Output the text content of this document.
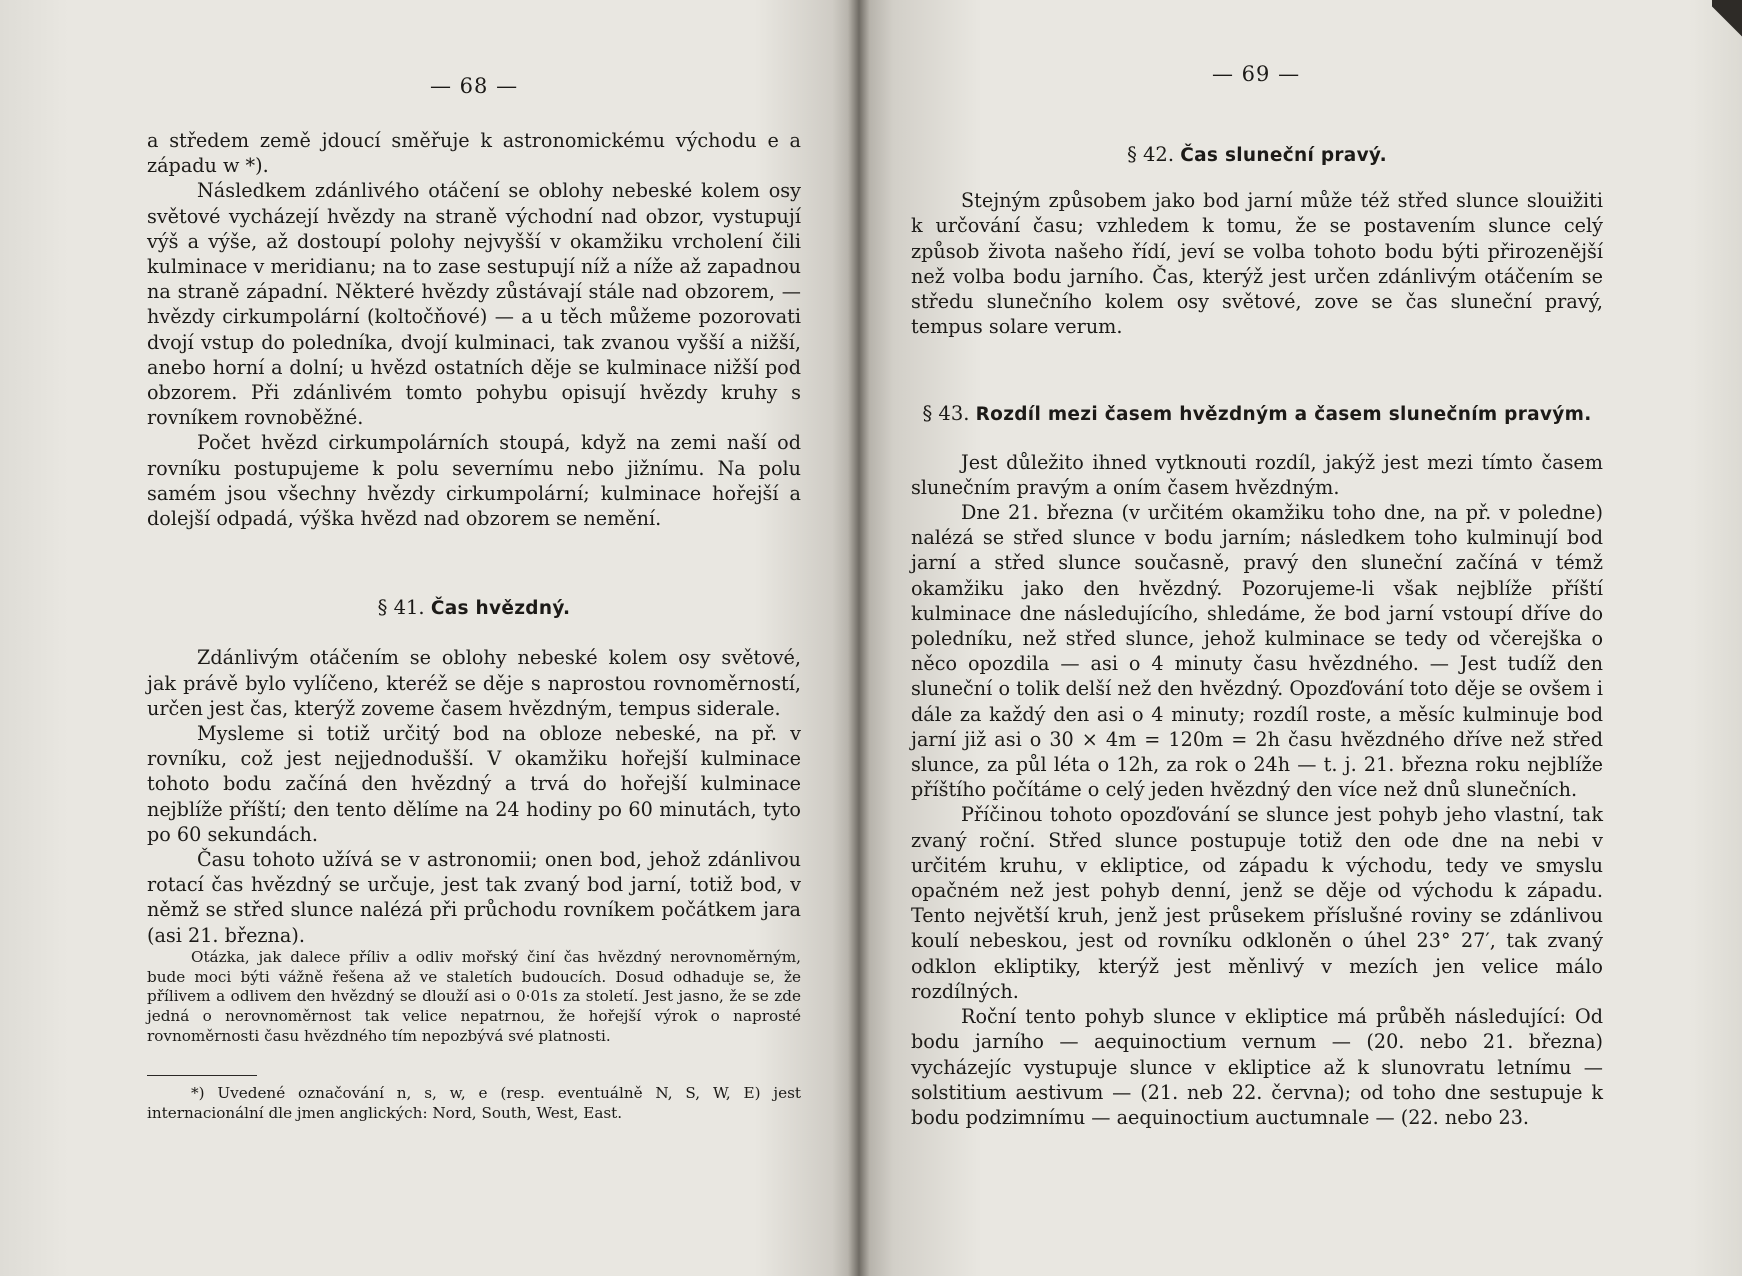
— 68 —

a středem země jdoucí směřuje k astronomickému východu e a západu w *).

Následkem zdánlivého otáčení se oblohy nebeské kolem osy světové vycházejí hvězdy na straně východní nad obzor, vystupují výš a výše, až dostoupí polohy nejvyšší v okamžiku vrcholení čili kulminace v meridianu; na to zase sestupují níž a níže až zapadnou na straně západní. Některé hvězdy zůstávají stále nad obzorem, — hvězdy cirkumpolární (koltočňové) — a u těch můžeme pozorovati dvojí vstup do poledníka, dvojí kulminaci, tak zvanou vyšší a nižší, anebo horní a dolní; u hvězd ostatních děje se kulminace nižší pod obzorem. Při zdánlivém tomto pohybu opisují hvězdy kruhy s rovníkem rovnoběžné.

Počet hvězd cirkumpolárních stoupá, když na zemi naší od rovníku postupujeme k polu severnímu nebo jižnímu. Na polu samém jsou všechny hvězdy cirkumpolární; kulminace hořejší a dolejší odpadá, výška hvězd nad obzorem se nemění.

§ 41. Čas hvězdný.

Zdánlivým otáčením se oblohy nebeské kolem osy světové, jak právě bylo vylíčeno, kteréž se děje s naprostou rovnoměrností, určen jest čas, kterýž zoveme časem hvězdným, tempus siderale.

Mysleme si totiž určitý bod na obloze nebeské, na př. v rovníku, což jest nejjednodušší. V okamžiku hořejší kulminace tohoto bodu začíná den hvězdný a trvá do hořejší kulminace nejblíže příští; den tento dělíme na 24 hodiny po 60 minutách, tyto po 60 sekundách.

Času tohoto užívá se v astronomii; onen bod, jehož zdánlivou rotací čas hvězdný se určuje, jest tak zvaný bod jarní, totiž bod, v němž se střed slunce nalézá při průchodu rovníkem počátkem jara (asi 21. března).

Otázka, jak dalece příliv a odliv mořský činí čas hvězdný nerovnoměrným, bude moci býti vážně řešena až ve staletích budoucích. Dosud odhaduje se, že přílivem a odlivem den hvězdný se dlouží asi o 0·01s za století. Jest jasno, že se zde jedná o nerovnoměrnost tak velice nepatrnou, že hořejší výrok o naprosté rovnoměrnosti času hvězdného tím nepozbývá své platnosti.

*) Uvedené označování n, s, w, e (resp. eventuálně N, S, W, E) jest internacionální dle jmen anglických: Nord, South, West, East.

— 69 —

§ 42. Čas sluneční pravý.

Stejným způsobem jako bod jarní může též střed slunce slouižiti k určování času; vzhledem k tomu, že se postavením slunce celý způsob života našeho řídí, jeví se volba tohoto bodu býti přirozenější než volba bodu jarního. Čas, kterýž jest určen zdánlivým otáčením se středu slunečního kolem osy světové, zove se čas sluneční pravý, tempus solare verum.

§ 43. Rozdíl mezi časem hvězdným a časem slunečním pravým.

Jest důležito ihned vytknouti rozdíl, jakýž jest mezi tímto časem slunečním pravým a oním časem hvězdným.

Dne 21. března (v určitém okamžiku toho dne, na př. v poledne) nalézá se střed slunce v bodu jarním; následkem toho kulminují bod jarní a střed slunce současně, pravý den sluneční začíná v témž okamžiku jako den hvězdný. Pozorujeme-li však nejblíže příští kulminace dne následujícího, shledáme, že bod jarní vstoupí dříve do poledníku, než střed slunce, jehož kulminace se tedy od včerejška o něco opozdila — asi o 4 minuty času hvězdného. — Jest tudíž den sluneční o tolik delší než den hvězdný. Opozďování toto děje se ovšem i dále za každý den asi o 4 minuty; rozdíl roste, a měsíc kulminuje bod jarní již asi o 30 × 4m = 120m = 2h času hvězdného dříve než střed slunce, za půl léta o 12h, za rok o 24h — t. j. 21. března roku nejblíže příštího počítáme o celý jeden hvězdný den více než dnů slunečních.

Příčinou tohoto opozďování se slunce jest pohyb jeho vlastní, tak zvaný roční. Střed slunce postupuje totiž den ode dne na nebi v určitém kruhu, v ekliptice, od západu k východu, tedy ve smyslu opačném než jest pohyb denní, jenž se děje od východu k západu. Tento největší kruh, jenž jest průsekem příslušné roviny se zdánlivou koulí nebeskou, jest od rovníku odkloněn o úhel 23° 27′, tak zvaný odklon ekliptiky, kterýž jest měnlivý v mezích jen velice málo rozdílných.

Roční tento pohyb slunce v ekliptice má průběh následující: Od bodu jarního — aequinoctium vernum — (20. nebo 21. března) vycházejíc vystupuje slunce v ekliptice až k slunovratu letnímu — solstitium aestivum — (21. neb 22. června); od toho dne sestupuje k bodu podzimnímu — aequinoctium auctumnale — (22. nebo 23.
